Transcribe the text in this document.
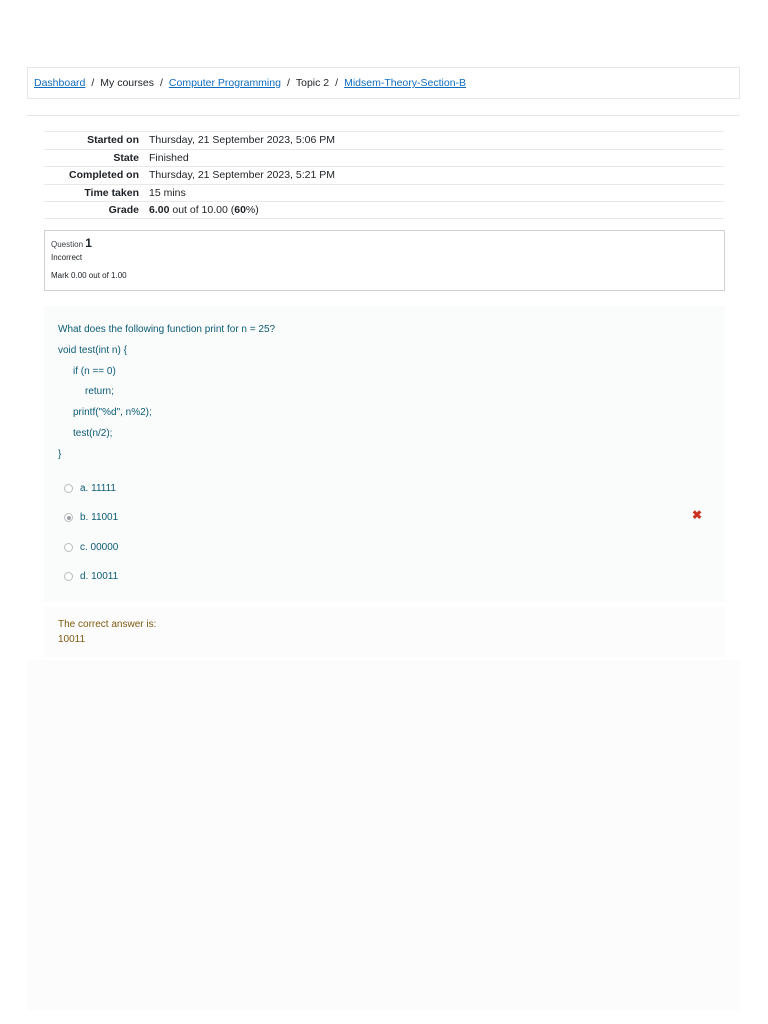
Dashboard / My courses / Computer Programming / Topic 2 / Midsem-Theory-Section-B
Started on Thursday, 21 September 2023, 5:06 PM
State Finished
Completed on Thursday, 21 September 2023, 5:21 PM
Time taken 15 mins
Grade 6.00 out of 10.00 (60%)
Question 1
Incorrect
Mark 0.00 out of 1.00
What does the following function print for n = 25?
void test(int n) {
if (n == 0)
return;
printf("%d", n%2);
test(n/2);
}
a. 11111
b. 11001	✖
c. 00000
d. 10011
The correct answer is:
10011
